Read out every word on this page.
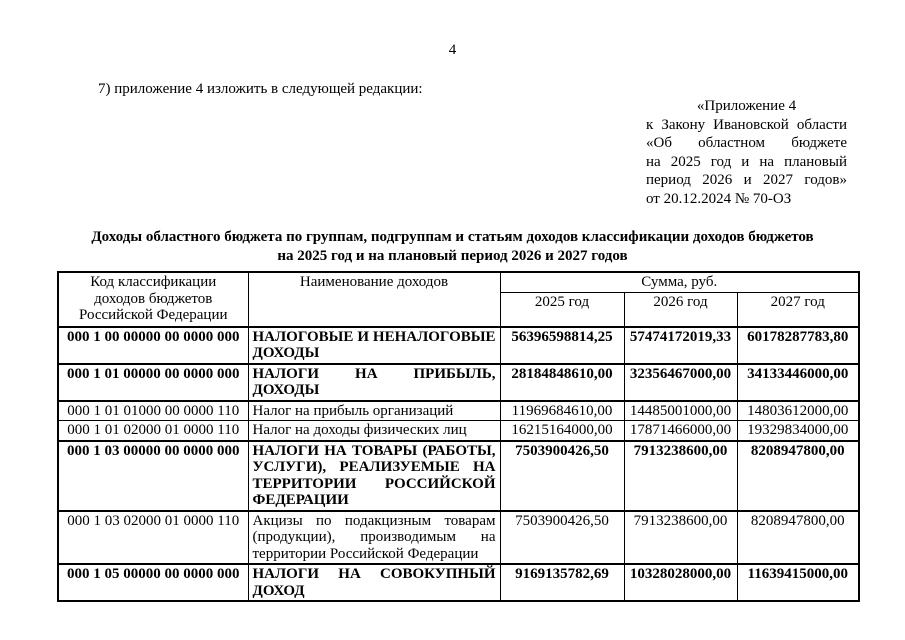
4

7) приложение 4 изложить в следующей редакции:

«Приложение 4
к Закону Ивановской области
«Об областном бюджете
на 2025 год и на плановый
период 2026 и 2027 годов»
от 20.12.2024 № 70-ОЗ
Доходы областного бюджета по группам, подгруппам и статьям доходов классификации доходов бюджетов
на 2025 год и на плановый период 2026 и 2027 годов
Код классификации доходов бюджетов Российской Федерации	Наименование доходов	Сумма, руб.		
		2025 год	2026 год	2027 год
000 1 00 00000 00 0000 000	НАЛОГОВЫЕ И НЕНАЛОГОВЫЕ ДОХОДЫ	56396598814,25	57474172019,33	60178287783,80
000 1 01 00000 00 0000 000	НАЛОГИ НА ПРИБЫЛЬ, ДОХОДЫ	28184848610,00	32356467000,00	34133446000,00
000 1 01 01000 00 0000 110	Налог на прибыль организаций	11969684610,00	14485001000,00	14803612000,00
000 1 01 02000 01 0000 110	Налог на доходы физических лиц	16215164000,00	17871466000,00	19329834000,00
000 1 03 00000 00 0000 000	НАЛОГИ НА ТОВАРЫ (РАБОТЫ, УСЛУГИ), РЕАЛИЗУЕМЫЕ НА ТЕРРИТОРИИ РОССИЙСКОЙ ФЕДЕРАЦИИ	7503900426,50	7913238600,00	8208947800,00
000 1 03 02000 01 0000 110	Акцизы по подакцизным товарам (продукции), производимым на территории Российской Федерации	7503900426,50	7913238600,00	8208947800,00
000 1 05 00000 00 0000 000	НАЛОГИ НА СОВОКУПНЫЙ ДОХОД	9169135782,69	10328028000,00	11639415000,00
